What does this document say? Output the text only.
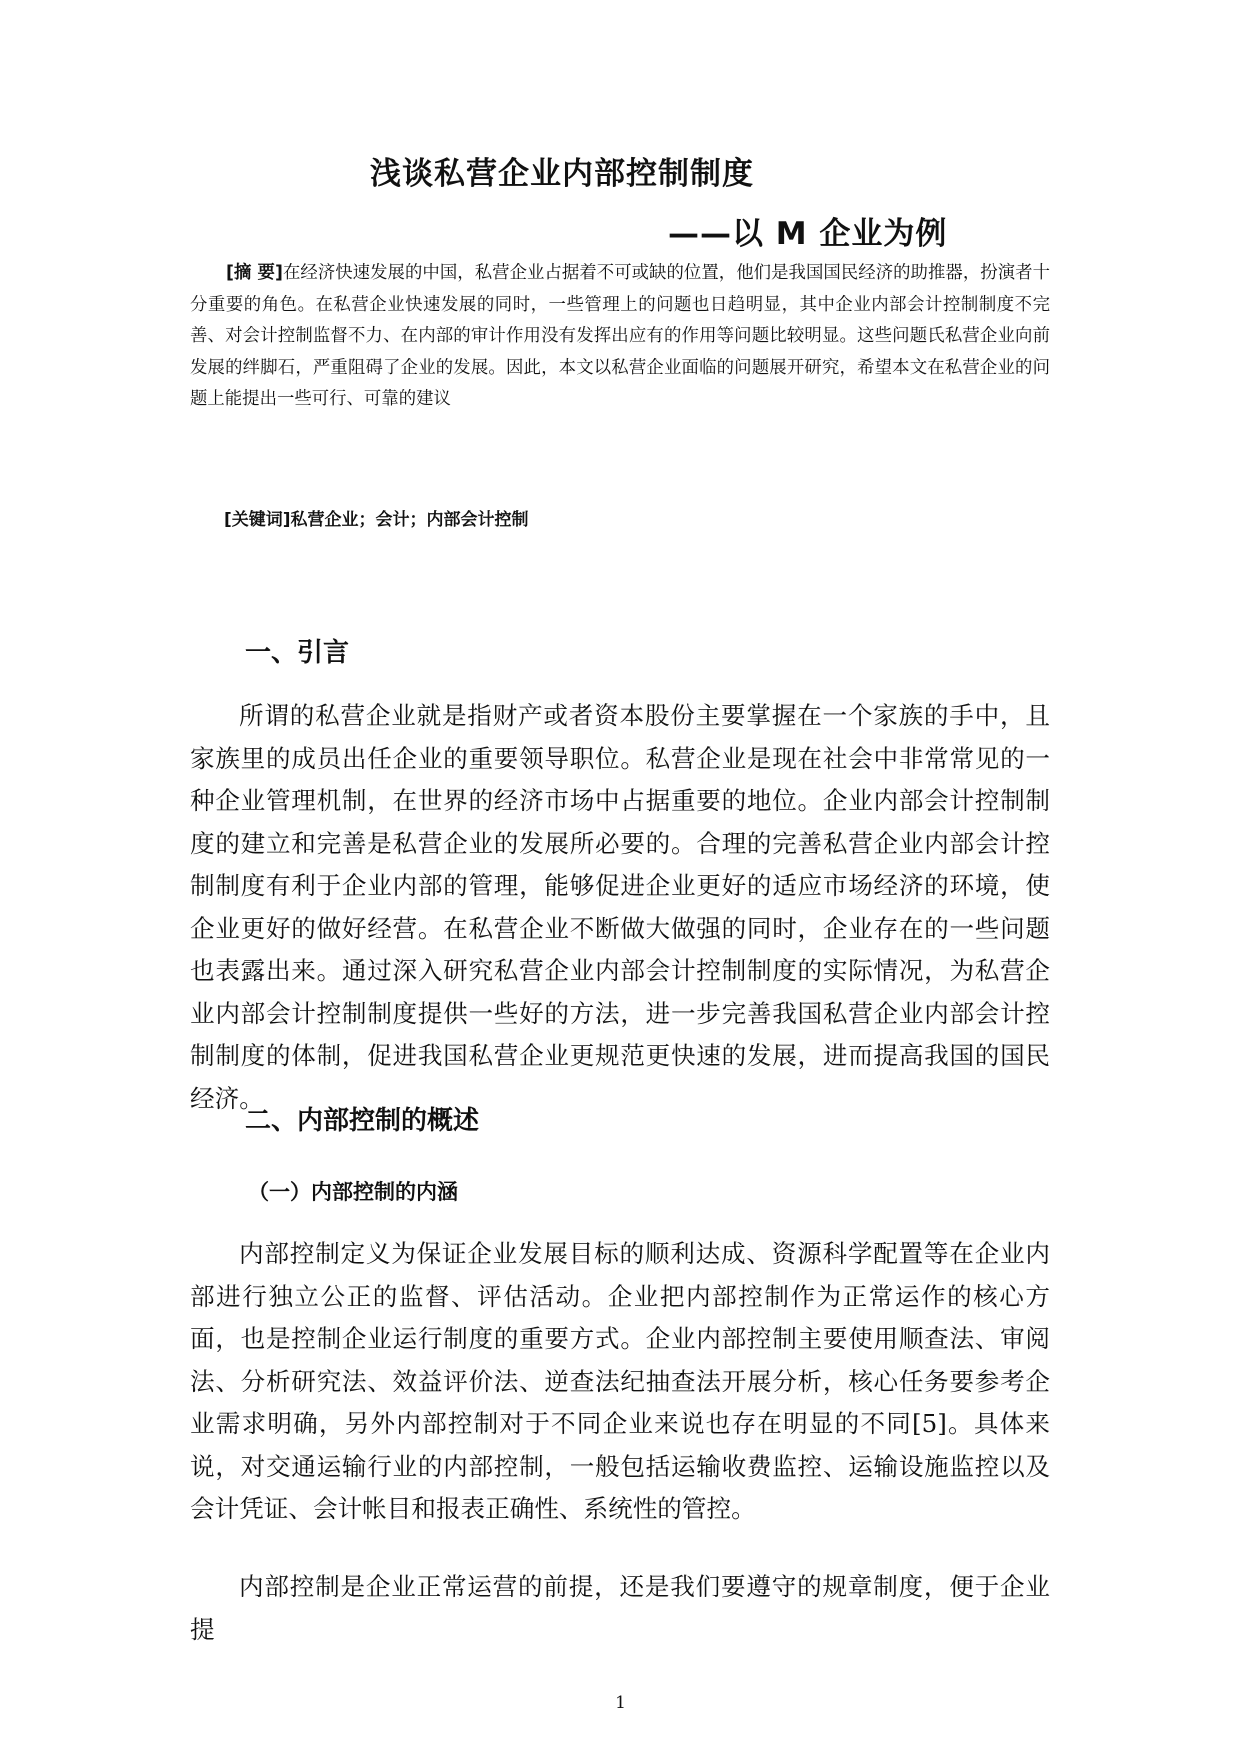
浅谈私营企业内部控制制度
——以 M 企业为例
[摘 要]在经济快速发展的中国，私营企业占据着不可或缺的位置，他们是我国国民经济的助推器，扮演者十分重要的角色。在私营企业快速发展的同时，一些管理上的问题也日趋明显，其中企业内部会计控制制度不完善、对会计控制监督不力、在内部的审计作用没有发挥出应有的作用等问题比较明显。这些问题氏私营企业向前发展的绊脚石，严重阻碍了企业的发展。因此，本文以私营企业面临的问题展开研究，希望本文在私营企业的问题上能提出一些可行、可靠的建议
[关键词]私营企业；会计；内部会计控制
一、引言
所谓的私营企业就是指财产或者资本股份主要掌握在一个家族的手中，且家族里的成员出任企业的重要领导职位。私营企业是现在社会中非常常见的一种企业管理机制，在世界的经济市场中占据重要的地位。企业内部会计控制制度的建立和完善是私营企业的发展所必要的。合理的完善私营企业内部会计控制制度有利于企业内部的管理，能够促进企业更好的适应市场经济的环境，使企业更好的做好经营。在私营企业不断做大做强的同时，企业存在的一些问题也表露出来。通过深入研究私营企业内部会计控制制度的实际情况，为私营企业内部会计控制制度提供一些好的方法，进一步完善我国私营企业内部会计控制制度的体制，促进我国私营企业更规范更快速的发展，进而提高我国的国民经济。
二、内部控制的概述
（一）内部控制的内涵
内部控制定义为保证企业发展目标的顺利达成、资源科学配置等在企业内部进行独立公正的监督、评估活动。企业把内部控制作为正常运作的核心方面，也是控制企业运行制度的重要方式。企业内部控制主要使用顺查法、审阅法、分析研究法、效益评价法、逆查法纪抽查法开展分析，核心任务要参考企业需求明确，另外内部控制对于不同企业来说也存在明显的不同[5]。具体来说，对交通运输行业的内部控制，一般包括运输收费监控、运输设施监控以及会计凭证、会计帐目和报表正确性、系统性的管控。
内部控制是企业正常运营的前提，还是我们要遵守的规章制度，便于企业提
1
